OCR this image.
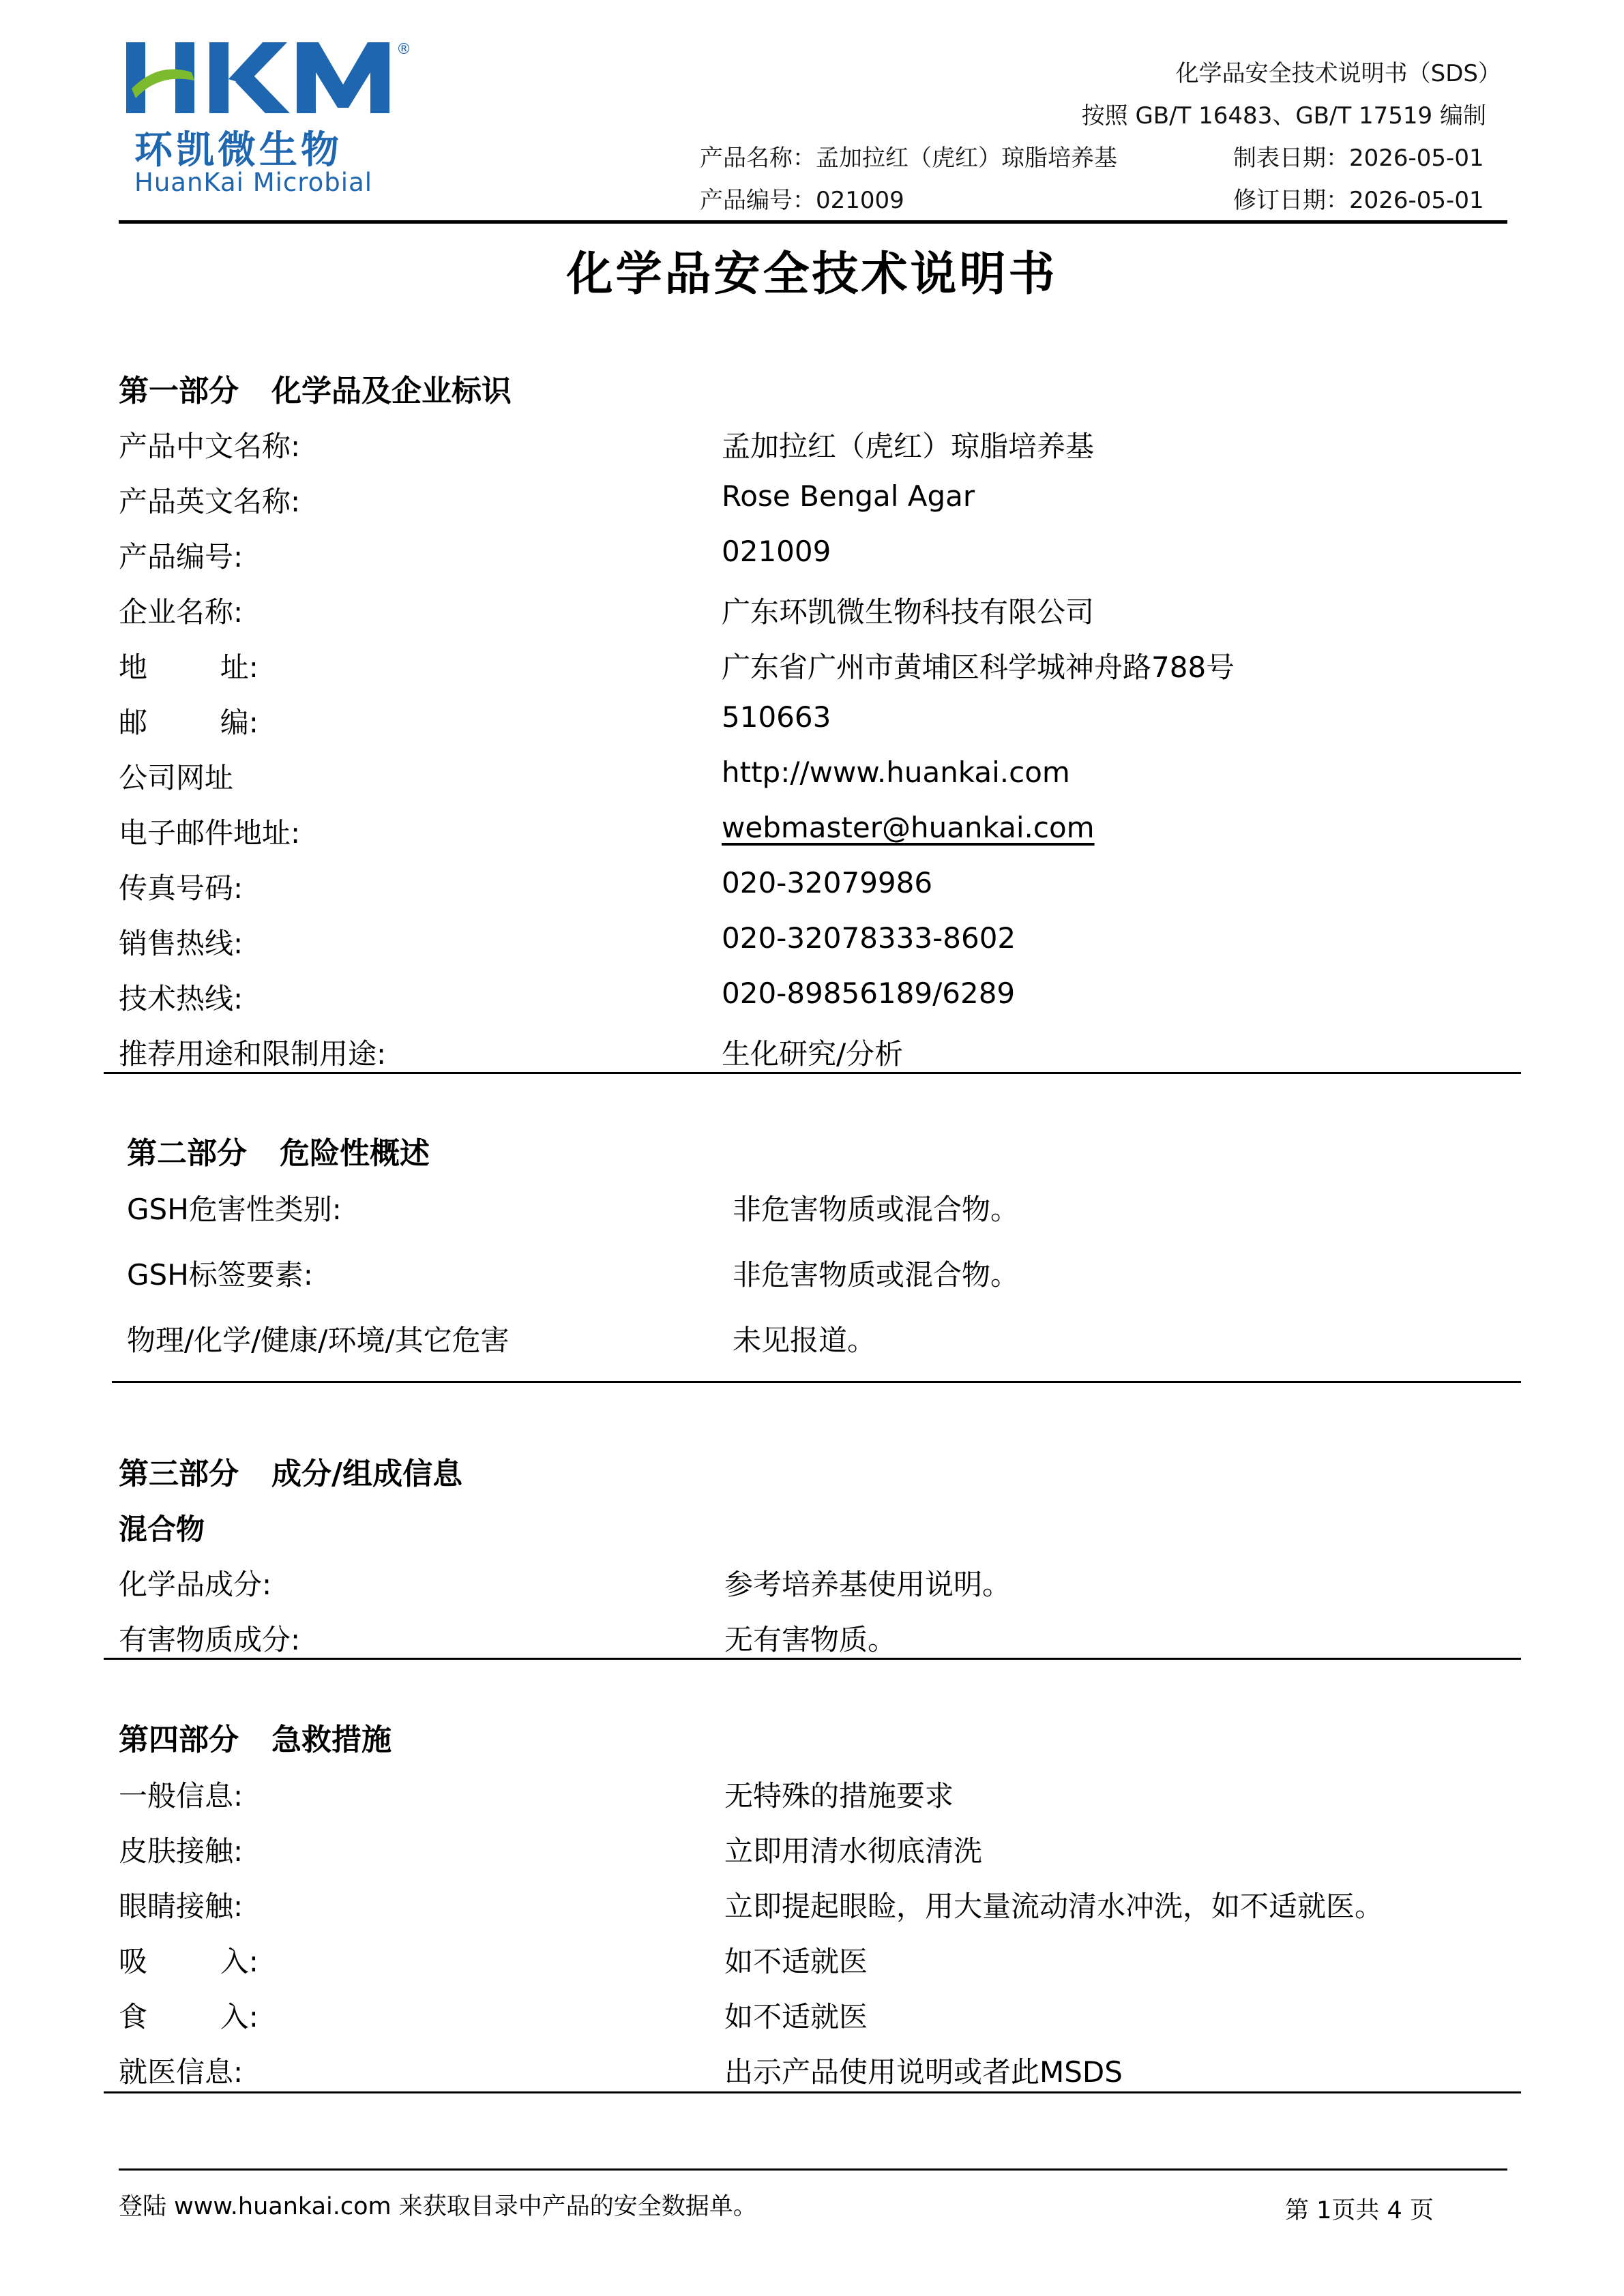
®
环凯微生物
HuanKai Microbial
化学品安全技术说明书（SDS）
按照 GB/T 16483、GB/T 17519 编制
产品名称：孟加拉红（虎红）琼脂培养基	制表日期：2026-05-01
产品编号：021009	修订日期：2026-05-01
化学品安全技术说明书
第一部分 化学品及企业标识
产品中文名称:	孟加拉红（虎红）琼脂培养基
产品英文名称:	Rose Bengal Agar
产品编号:	021009
企业名称:	广东环凯微生物科技有限公司
地        址:	广东省广州市黄埔区科学城神舟路788号
邮        编:	510663
公司网址	http://www.huankai.com
电子邮件地址:	webmaster@huankai.com
传真号码:	020-32079986
销售热线:	020-32078333-8602
技术热线:	020-89856189/6289
推荐用途和限制用途:	生化研究/分析
第二部分 危险性概述
GSH危害性类别:	非危害物质或混合物。
GSH标签要素:	非危害物质或混合物。
物理/化学/健康/环境/其它危害	未见报道。
第三部分 成分/组成信息
混合物
化学品成分:	参考培养基使用说明。
有害物质成分:	无有害物质。
第四部分 急救措施
一般信息:	无特殊的措施要求
皮肤接触:	立即用清水彻底清洗
眼睛接触:	立即提起眼睑，用大量流动清水冲洗，如不适就医。
吸        入:	如不适就医
食        入:	如不适就医
就医信息:	出示产品使用说明或者此MSDS
登陆 www.huankai.com 来获取目录中产品的安全数据单。	第 1页共 4 页
